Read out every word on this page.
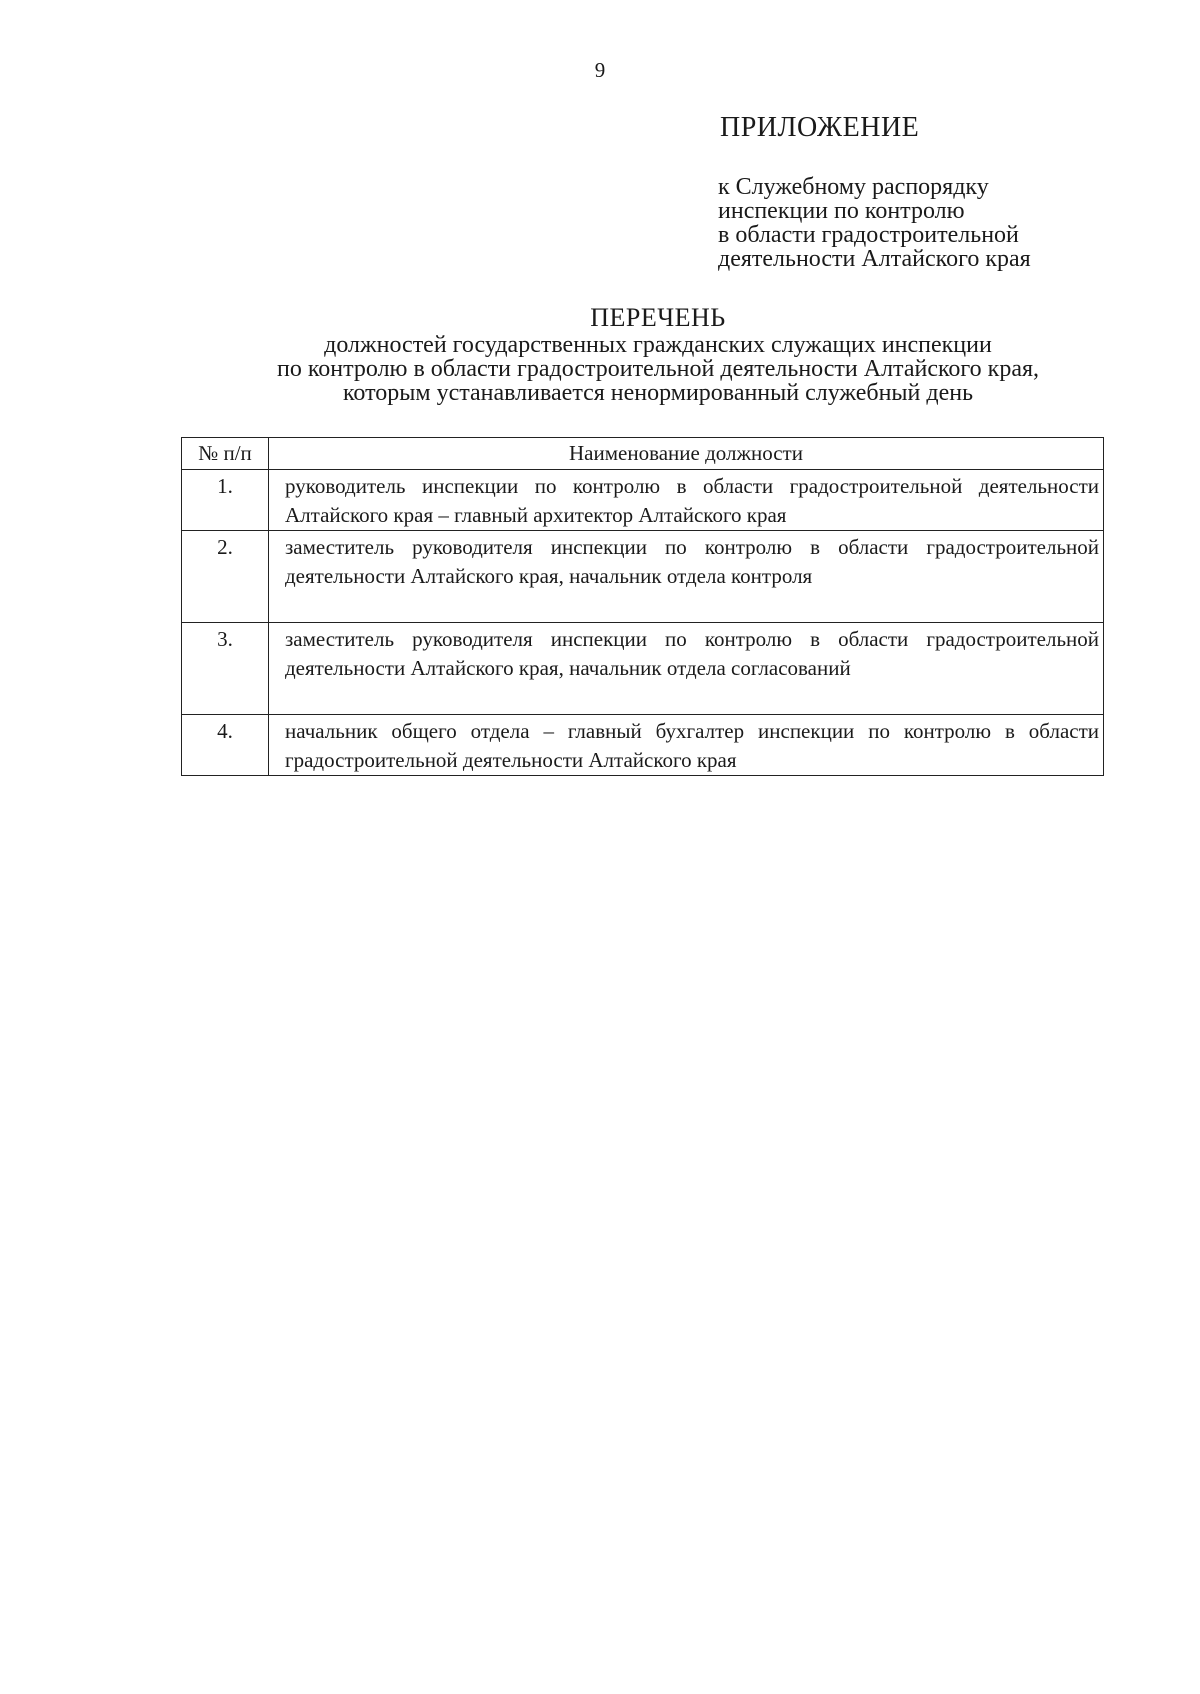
9
ПРИЛОЖЕНИЕ
к Служебному распорядку
инспекции по контролю
в области градостроительной
деятельности Алтайского края
ПЕРЕЧЕНЬ
должностей государственных гражданских служащих инспекции
по контролю в области градостроительной деятельности Алтайского края,
которым устанавливается ненормированный служебный день
№ п/п	Наименование должности
1.	руководитель инспекции по контролю в области градостроительной деятельности Алтайского края – главный архитектор Алтайского края
2.	заместитель руководителя инспекции по контролю в области градостроительной деятельности Алтайского края, начальник отдела контроля
3.	заместитель руководителя инспекции по контролю в области градостроительной деятельности Алтайского края, начальник отдела согласований
4.	начальник общего отдела – главный бухгалтер инспекции по контролю в области градостроительной деятельности Алтайского края
